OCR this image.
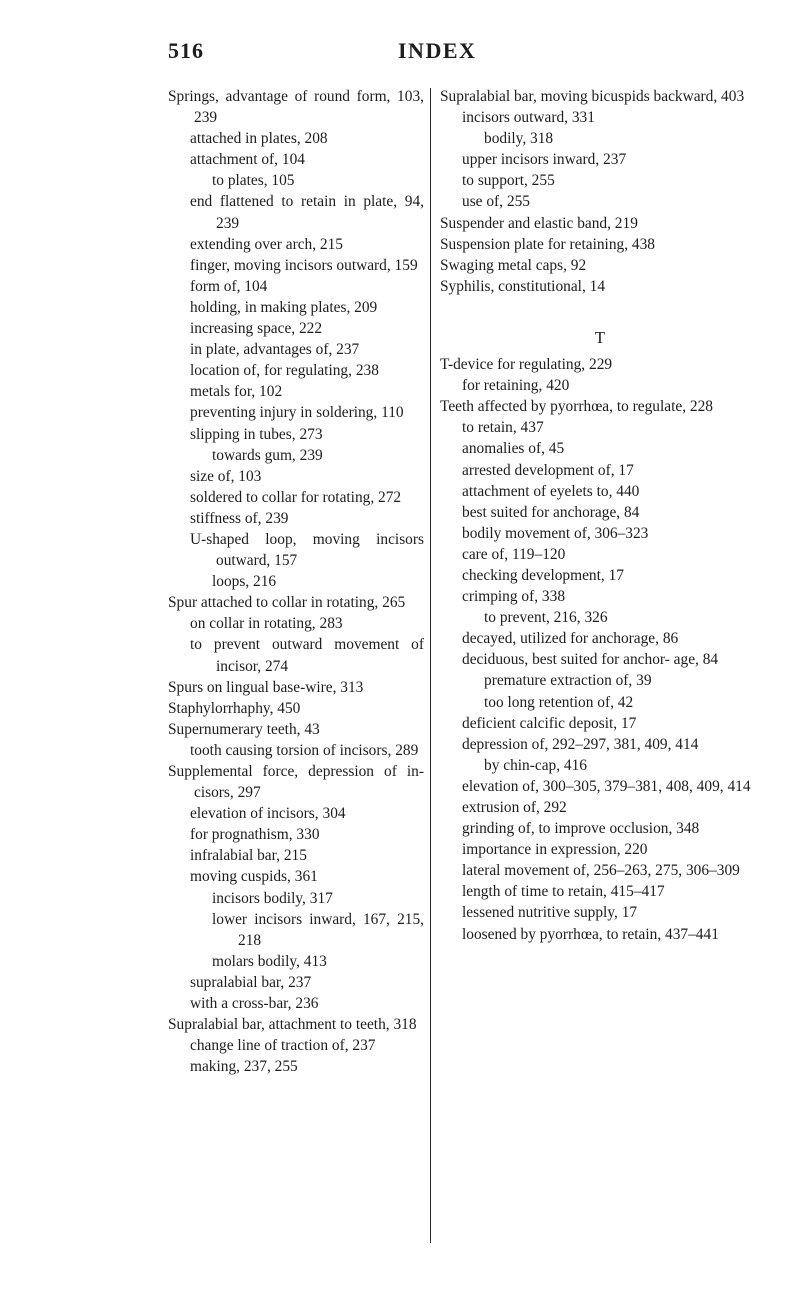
516	INDEX
Springs, advantage of round form, 103, 239
attached in plates, 208
attachment of, 104
to plates, 105
end flattened to retain in plate, 94, 239
extending over arch, 215
finger, moving incisors outward, 159
form of, 104
holding, in making plates, 209
increasing space, 222
in plate, advantages of, 237
location of, for regulating, 238
metals for, 102
preventing injury in soldering, 110
slipping in tubes, 273
towards gum, 239
size of, 103
soldered to collar for rotating, 272
stiffness of, 239
U-shaped loop, moving incisors outward, 157
loops, 216
Spur attached to collar in rotating, 265
on collar in rotating, 283
to prevent outward movement of incisor, 274
Spurs on lingual base-wire, 313
Staphylorrhaphy, 450
Supernumerary teeth, 43
tooth causing torsion of incisors, 289
Supplemental force, depression of in- cisors, 297
elevation of incisors, 304
for prognathism, 330
infralabial bar, 215
moving cuspids, 361
incisors bodily, 317
lower incisors inward, 167, 215, 218
molars bodily, 413
supralabial bar, 237
with a cross-bar, 236
Supralabial bar, attachment to teeth, 318
change line of traction of, 237
making, 237, 255
Supralabial bar, moving bicuspids backward, 403
incisors outward, 331
bodily, 318
upper incisors inward, 237
to support, 255
use of, 255
Suspender and elastic band, 219
Suspension plate for retaining, 438
Swaging metal caps, 92
Syphilis, constitutional, 14
T
T-device for regulating, 229
for retaining, 420
Teeth affected by pyorrhœa, to regulate, 228
to retain, 437
anomalies of, 45
arrested development of, 17
attachment of eyelets to, 440
best suited for anchorage, 84
bodily movement of, 306–323
care of, 119–120
checking development, 17
crimping of, 338
to prevent, 216, 326
decayed, utilized for anchorage, 86
deciduous, best suited for anchor- age, 84
premature extraction of, 39
too long retention of, 42
deficient calcific deposit, 17
depression of, 292–297, 381, 409, 414
by chin-cap, 416
elevation of, 300–305, 379–381, 408, 409, 414
extrusion of, 292
grinding of, to improve occlusion, 348
importance in expression, 220
lateral movement of, 256–263, 275, 306–309
length of time to retain, 415–417
lessened nutritive supply, 17
loosened by pyorrhœa, to retain, 437–441
